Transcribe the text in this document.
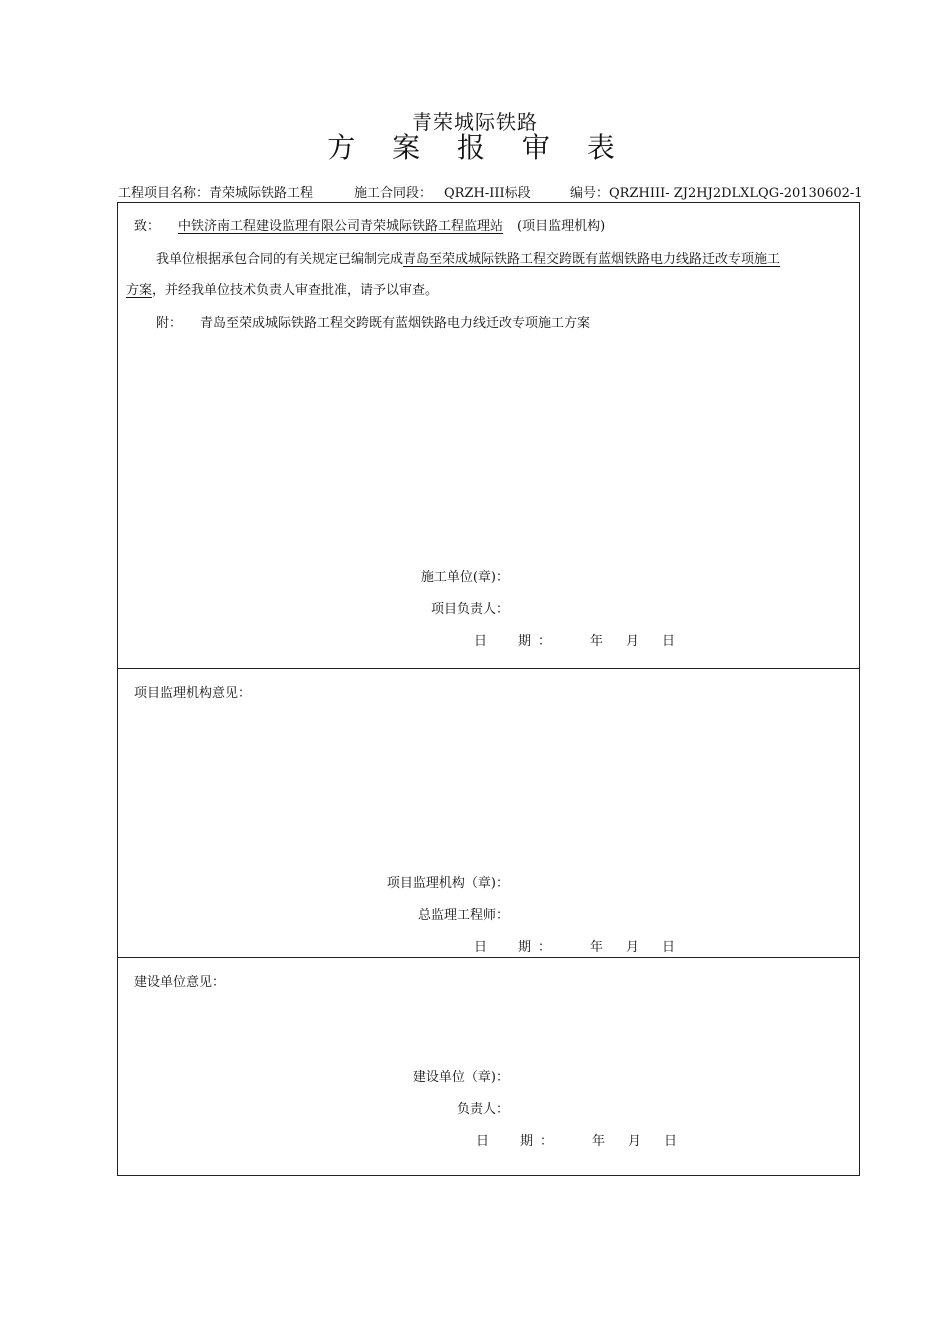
青荣城际铁路
方 案 报 审 表
工程项目名称：青荣城际铁路工程	施工合同段： QRZH-III标段	编号：QRZHIII- ZJ2HJ2DLXLQG-20130602-1
致： 中铁济南工程建设监理有限公司青荣城际铁路工程监理站 (项目监理机构)
我单位根据承包合同的有关规定已编制完成青岛至荣成城际铁路工程交跨既有蓝烟铁路电力线路迁改专项施工
方案，并经我单位技术负责人审查批准，请予以审查。
附： 青岛至荣成城际铁路工程交跨既有蓝烟铁路电力线迁改专项施工方案
施工单位(章)：
项目负责人：
日 期 ：	年 月 日
项目监理机构意见：
项目监理机构（章)：
总监理工程师：
日 期 ：	年 月 日
建设单位意见：
建设单位（章)：
负责人：
日 期 ：	年 月 日
